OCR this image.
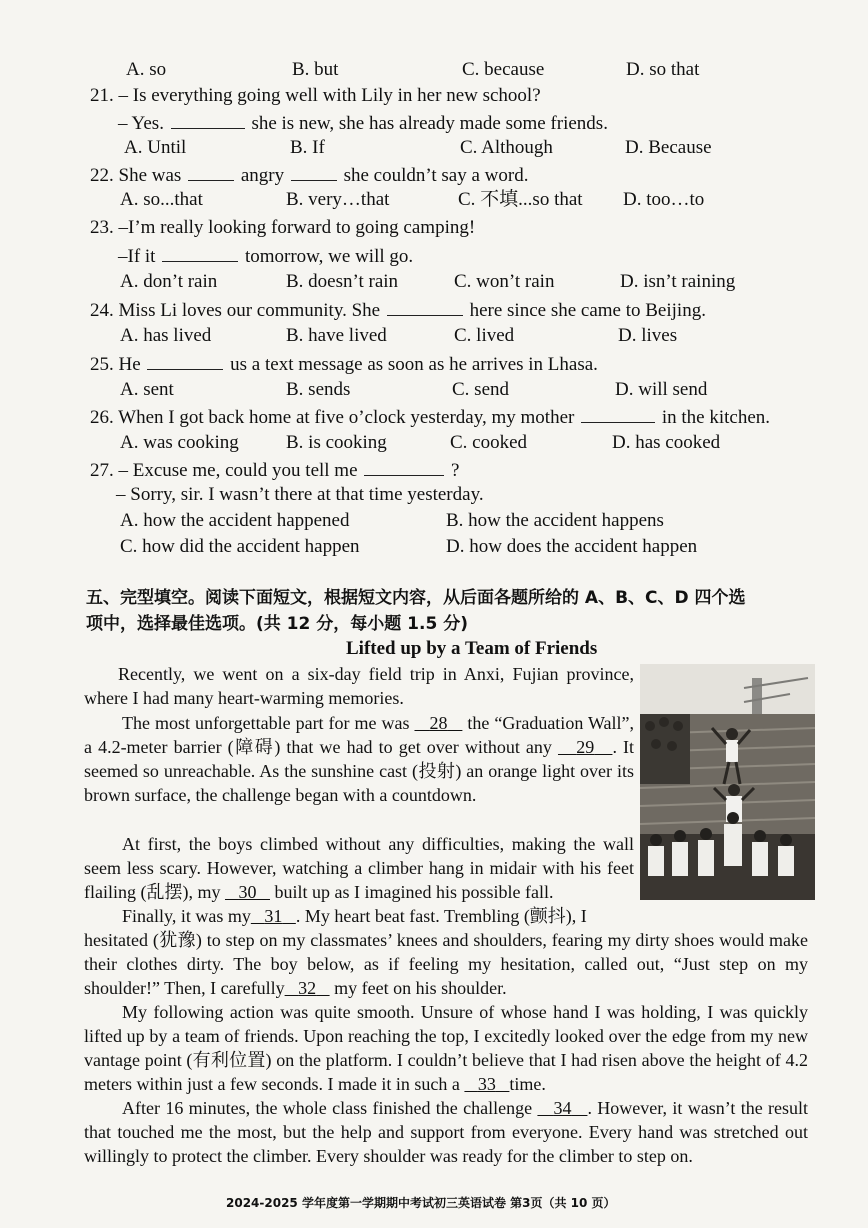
A. so	B. but	C. because	D. so that
21. – Is everything going well with Lily in her new school?
– Yes.	she is new, she has already made some friends.
A. Until	B. If	C. Although	D. Because
22. She was	angry	she couldn’t say a word.
A. so...that	B. very…that	C. 不填...so that D. too…to
23. –I’m really looking forward to going camping!
–If it	tomorrow, we will go.
A. don’t rain	B. doesn’t rain	C. won’t rain	D. isn’t raining
24. Miss Li loves our community. She	here since she came to Beijing.
A. has lived	B. have lived	C. lived	D. lives
25. He	us a text message as soon as he arrives in Lhasa.
A. sent	B. sends	C. send	D. will send
26. When I got back home at five o’clock yesterday, my mother	in the kitchen.
A. was cooking B. is cooking	C. cooked	D. has cooked
27. – Excuse me, could you tell me	?
– Sorry, sir. I wasn’t there at that time yesterday.
A. how the accident happened	B. how the accident happens
C. how did the accident happen	D. how does the accident happen
五、完型填空。阅读下面短文，根据短文内容，从后面各题所给的 A、B、C、D 四个选
项中，选择最佳选项。(共 12 分，每小题 1.5 分)
Lifted up by a Team of Friends
Recently, we went on a six-day field trip in Anxi, Fujian province, where I had many heart-warming memories.
The most unforgettable part for me was 28 the “Graduation Wall”, a 4.2-meter barrier (障碍) that we had to get over without any 29 . It seemed so unreachable. As the sunshine cast (投射) an orange light over its brown surface, the challenge began with a countdown.
At first, the boys climbed without any difficulties, making the wall seem less scary. However, watching a climber hang in midair with his feet flailing (乱摆), my 30 built up as I imagined his possible fall.
Finally, it was my 31 . My heart beat fast. Trembling (颤抖), I
hesitated (犹豫) to step on my classmates’ knees and shoulders, fearing my dirty shoes would make their clothes dirty. The boy below, as if feeling my hesitation, called out, “Just step on my shoulder!” Then, I carefully 32 my feet on his shoulder.
My following action was quite smooth. Unsure of whose hand I was holding, I was quickly lifted up by a team of friends. Upon reaching the top, I excitedly looked over the edge from my new vantage point (有利位置) on the platform. I couldn’t believe that I had risen above the height of 4.2 meters within just a few seconds. I made it in such a 33 time.
After 16 minutes, the whole class finished the challenge 34 . However, it wasn’t the result that touched me the most, but the help and support from everyone. Every hand was stretched out willingly to protect the climber. Every shoulder was ready for the climber to step on.
2024-2025 学年度第一学期期中考试初三英语试卷 第3页（共 10 页）
